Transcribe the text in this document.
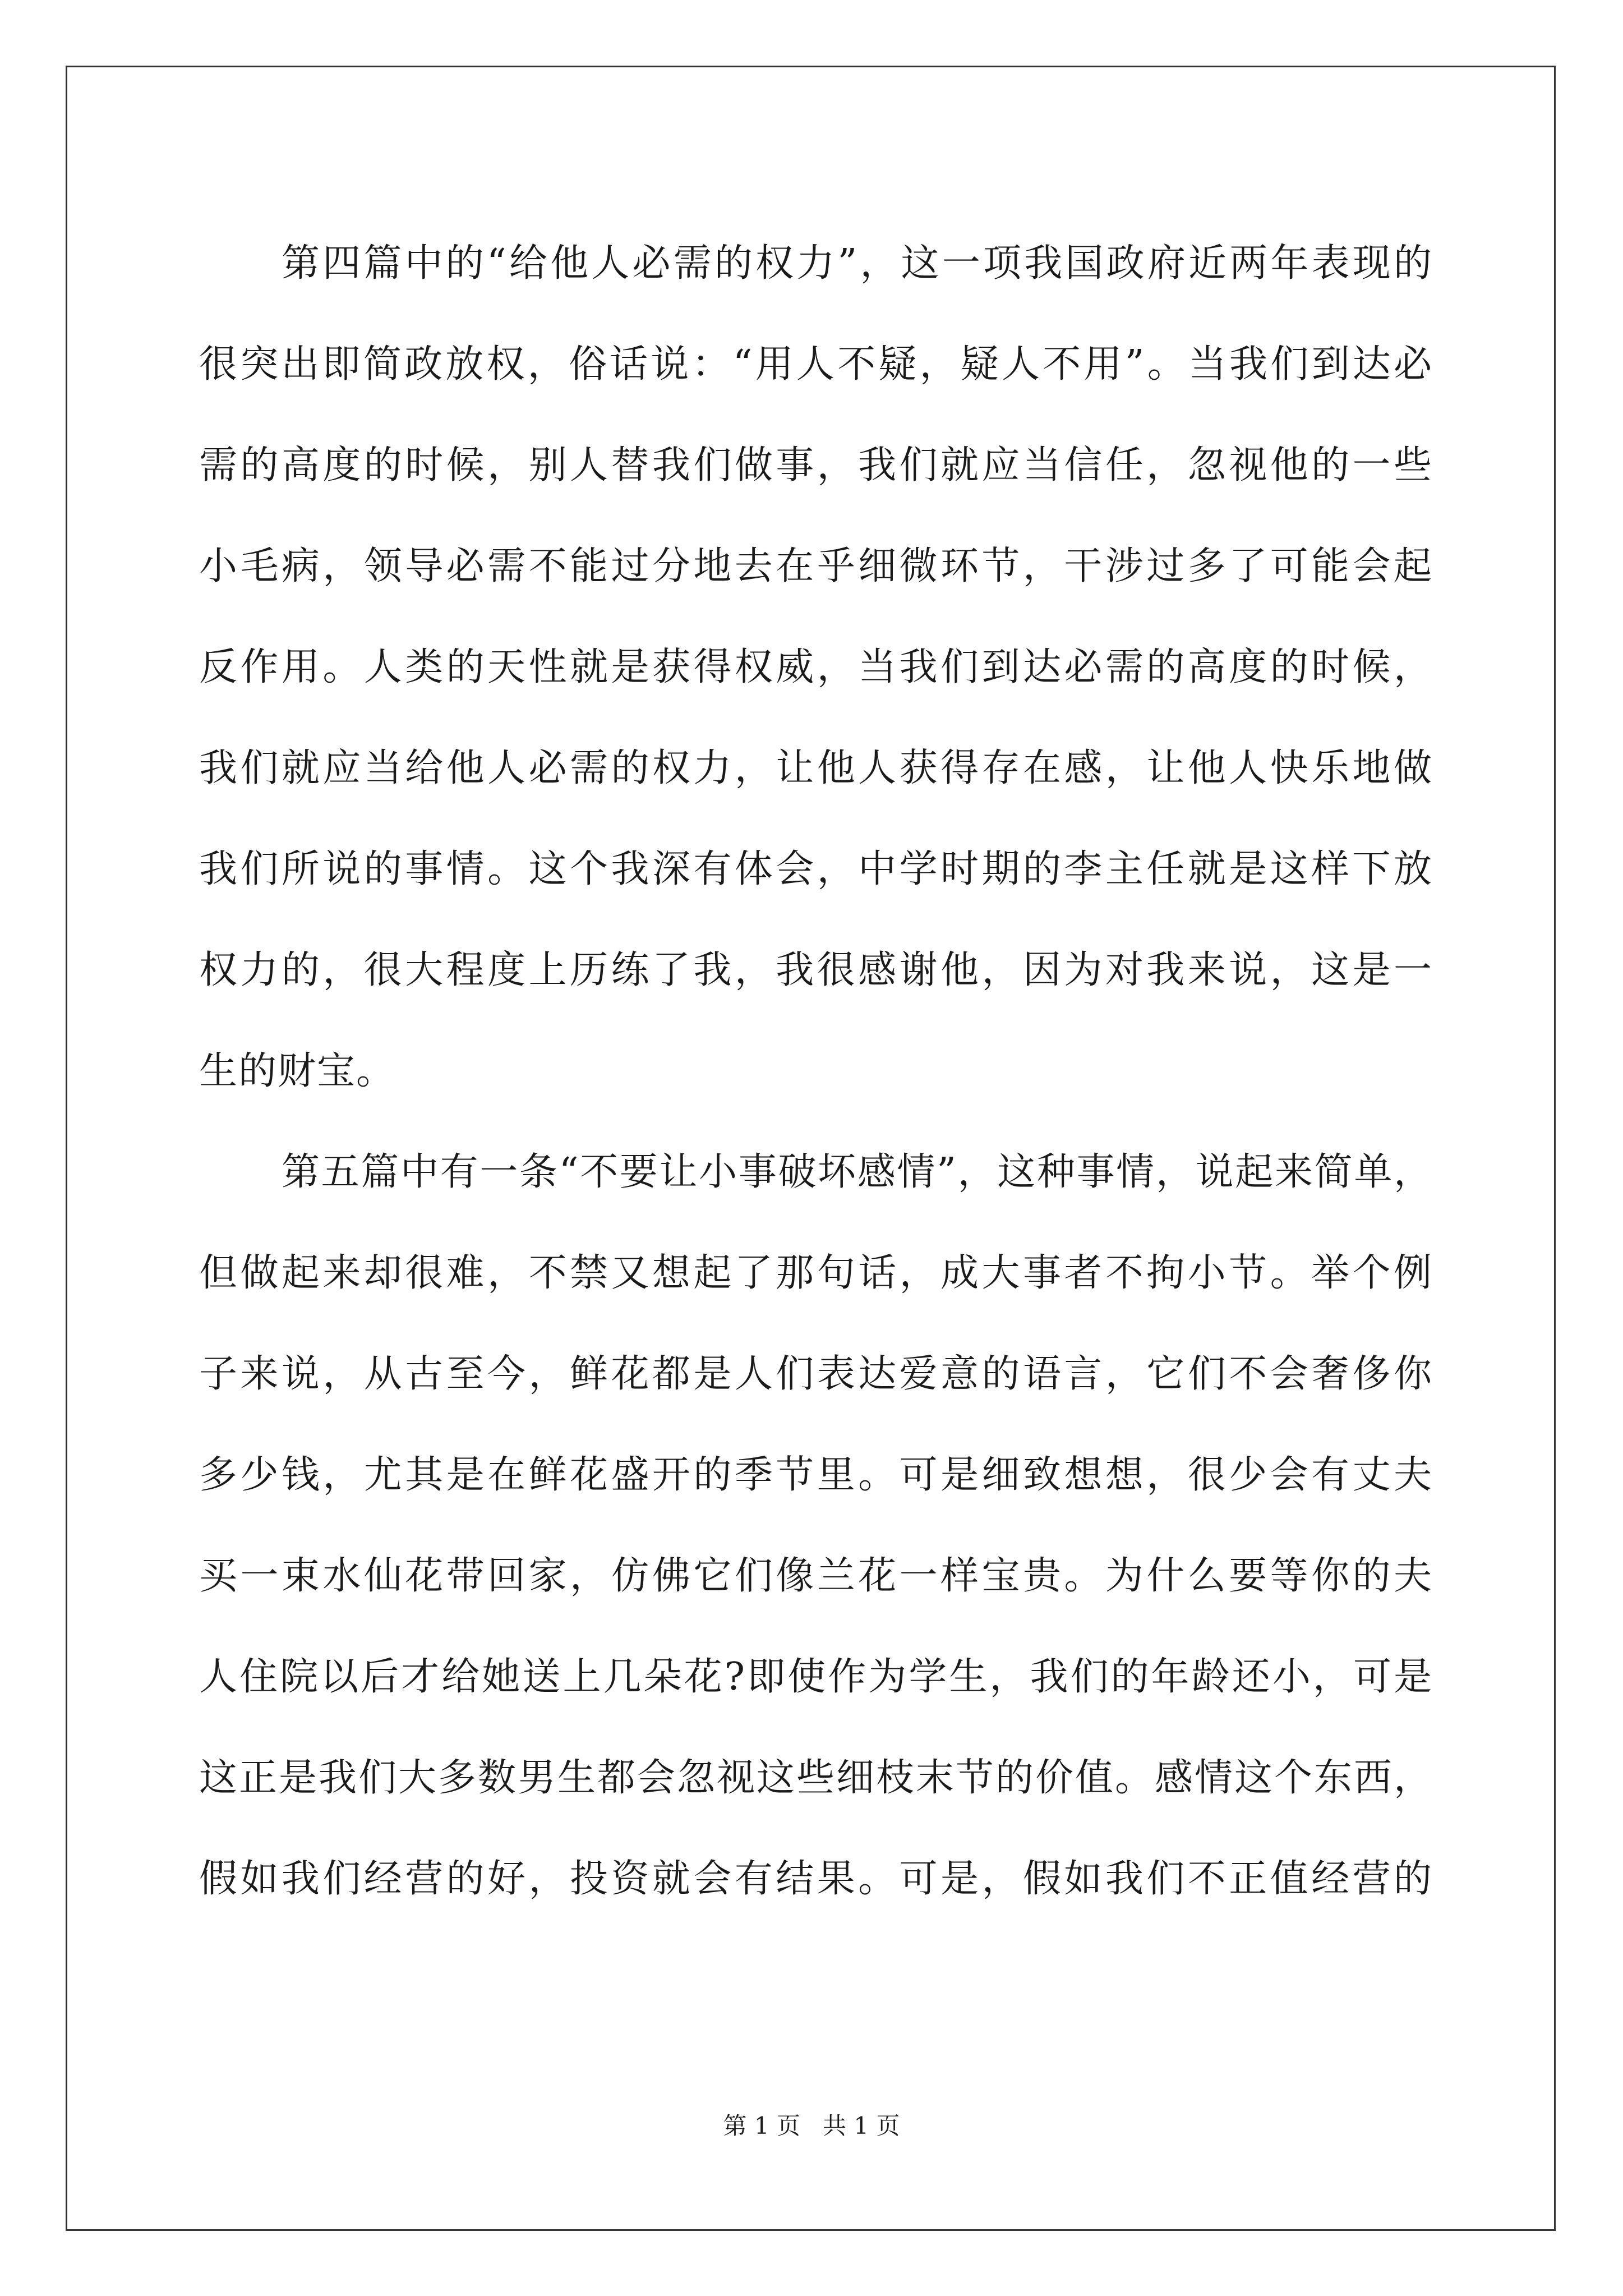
第四篇中的“给他人必需的权力”，这一项我国政府近两年表现的
很突出即简政放权，俗话说：“用人不疑，疑人不用”。当我们到达必
需的高度的时候，别人替我们做事，我们就应当信任，忽视他的一些
小毛病，领导必需不能过分地去在乎细微环节，干涉过多了可能会起
反作用。人类的天性就是获得权威，当我们到达必需的高度的时候，
我们就应当给他人必需的权力，让他人获得存在感，让他人快乐地做
我们所说的事情。这个我深有体会，中学时期的李主任就是这样下放
权力的，很大程度上历练了我，我很感谢他，因为对我来说，这是一
生的财宝。
第五篇中有一条“不要让小事破坏感情”，这种事情，说起来简单，
但做起来却很难，不禁又想起了那句话，成大事者不拘小节。举个例
子来说，从古至今，鲜花都是人们表达爱意的语言，它们不会奢侈你
多少钱，尤其是在鲜花盛开的季节里。可是细致想想，很少会有丈夫
买一束水仙花带回家，仿佛它们像兰花一样宝贵。为什么要等你的夫
人住院以后才给她送上几朵花?即使作为学生，我们的年龄还小，可是
这正是我们大多数男生都会忽视这些细枝末节的价值。感情这个东西，
假如我们经营的好，投资就会有结果。可是，假如我们不正值经营的
第 1 页   共 1 页
